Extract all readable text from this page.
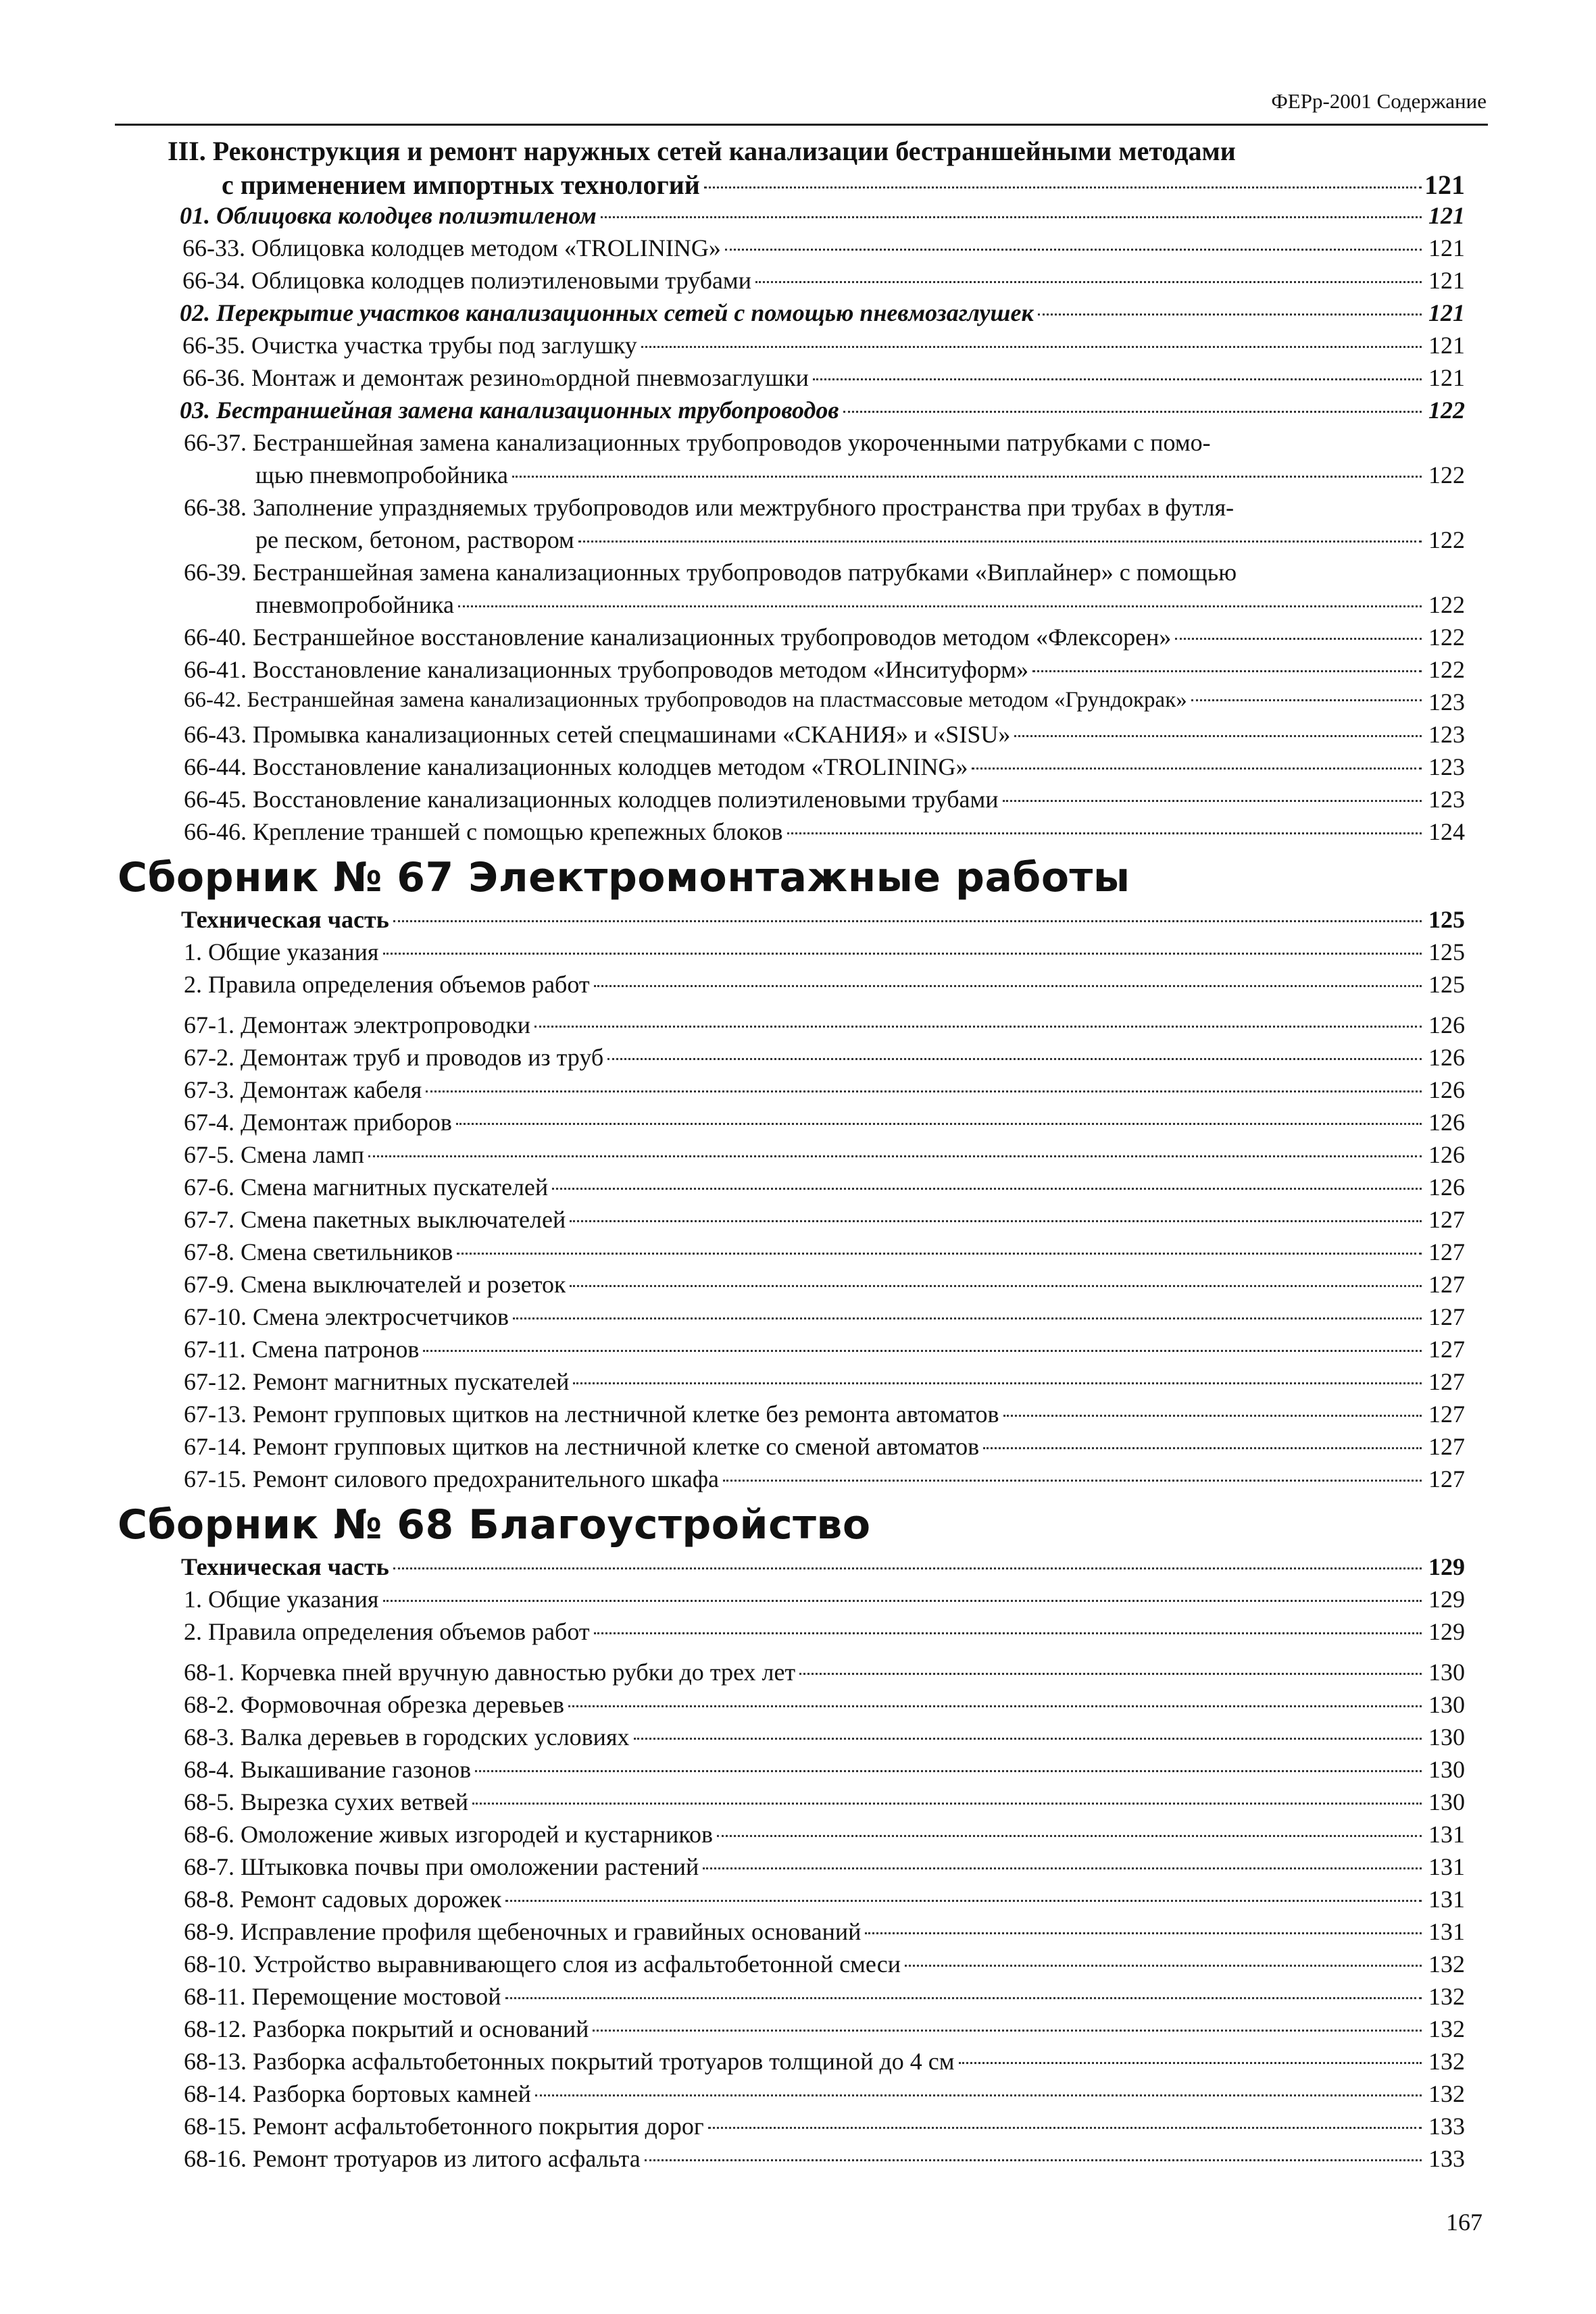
ФЕРр-2001 Содержание
III. Реконструкция и ремонт наружных сетей канализации бестраншейными методами
с применением импортных технологий	121
01. Облицовка колодцев полиэтиленом	121
66-33. Облицовка колодцев методом «TROLINING»	121
66-34. Облицовка колодцев полиэтиленовыми трубами	121
02. Перекрытие участков канализационных сетей с помощью пневмозаглушек	121
66-35. Очистка участка трубы под заглушку	121
66-36. Монтаж и демонтаж резиноₘордной пневмозаглушки	121
03. Бестраншейная замена канализационных трубопроводов	122
66-37. Бестраншейная замена канализационных трубопроводов укороченными патрубками с помо-
щью пневмопробойника	122
66-38. Заполнение упраздняемых трубопроводов или межтрубного пространства при трубах в футля-
ре песком, бетоном, раствором	122
66-39. Бестраншейная замена канализационных трубопроводов патрубками «Виплайнер» с помощью
пневмопробойника	122
66-40. Бестраншейное восстановление канализационных трубопроводов методом «Флексорен»	122
66-41. Восстановление канализационных трубопроводов методом «Инситуформ»	122
66-42. Бестраншейная замена канализационных трубопроводов на пластмассовые методом «Грундокрак»	123
66-43. Промывка канализационных сетей спецмашинами «СКАНИЯ» и «SISU»	123
66-44. Восстановление канализационных колодцев методом «TROLINING»	123
66-45. Восстановление канализационных колодцев полиэтиленовыми трубами	123
66-46. Крепление траншей с помощью крепежных блоков	124
Сборник № 67 Электромонтажные работы
Техническая часть	125
1. Общие указания	125
2. Правила определения объемов работ	125
67-1. Демонтаж электропроводки	126
67-2. Демонтаж труб и проводов из труб	126
67-3. Демонтаж кабеля	126
67-4. Демонтаж приборов	126
67-5. Смена ламп	126
67-6. Смена магнитных пускателей	126
67-7. Смена пакетных выключателей	127
67-8. Смена светильников	127
67-9. Смена выключателей и розеток	127
67-10. Смена электросчетчиков	127
67-11. Смена патронов	127
67-12. Ремонт магнитных пускателей	127
67-13. Ремонт групповых щитков на лестничной клетке без ремонта автоматов	127
67-14. Ремонт групповых щитков на лестничной клетке со сменой автоматов	127
67-15. Ремонт силового предохранительного шкафа	127
Сборник № 68 Благоустройство
Техническая часть	129
1. Общие указания	129
2. Правила определения объемов работ	129
68-1. Корчевка пней вручную давностью рубки до трех лет	130
68-2. Формовочная обрезка деревьев	130
68-3. Валка деревьев в городских условиях	130
68-4. Выкашивание газонов	130
68-5. Вырезка сухих ветвей	130
68-6. Омоложение живых изгородей и кустарников	131
68-7. Штыковка почвы при омоложении растений	131
68-8. Ремонт садовых дорожек	131
68-9. Исправление профиля щебеночных и гравийных оснований	131
68-10. Устройство выравнивающего слоя из асфальтобетонной смеси	132
68-11. Перемощение мостовой	132
68-12. Разборка покрытий и оснований	132
68-13. Разборка асфальтобетонных покрытий тротуаров толщиной до 4 см	132
68-14. Разборка бортовых камней	132
68-15. Ремонт асфальтобетонного покрытия дорог	133
68-16. Ремонт тротуаров из литого асфальта	133
167
